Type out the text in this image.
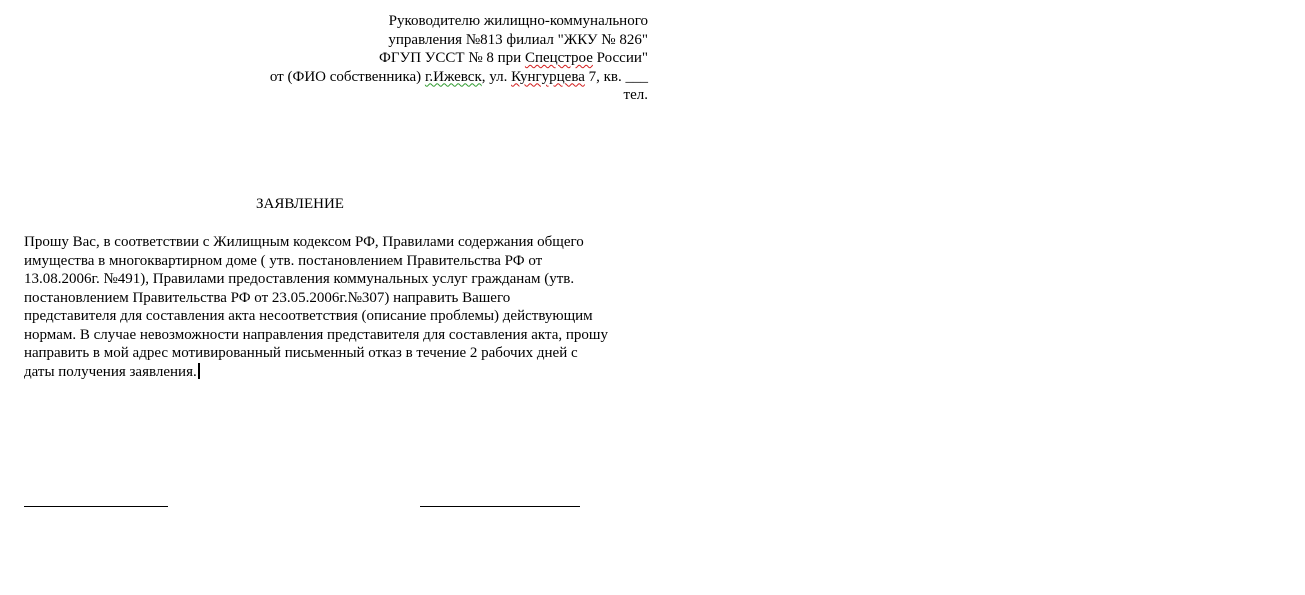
Руководителю жилищно-коммунального
управления №813 филиал "ЖКУ № 826"
ФГУП УССТ № 8 при Спецстрое России"
от (ФИО собственника) г.Ижевск, ул. Кунгурцева 7, кв. ___
тел.
ЗАЯВЛЕНИЕ
Прошу Вас, в соответствии с Жилищным кодексом РФ, Правилами содержания общего
имущества в многоквартирном доме ( утв. постановлением Правительства РФ от
13.08.2006г. №491), Правилами предоставления коммунальных услуг гражданам (утв.
постановлением Правительства РФ от 23.05.2006г.№307) направить Вашего
представителя для составления акта несоответствия (описание проблемы) действующим
нормам. В случае невозможности направления представителя для составления акта, прошу
направить в мой адрес мотивированный письменный отказ в течение 2 рабочих дней с
даты получения заявления.
